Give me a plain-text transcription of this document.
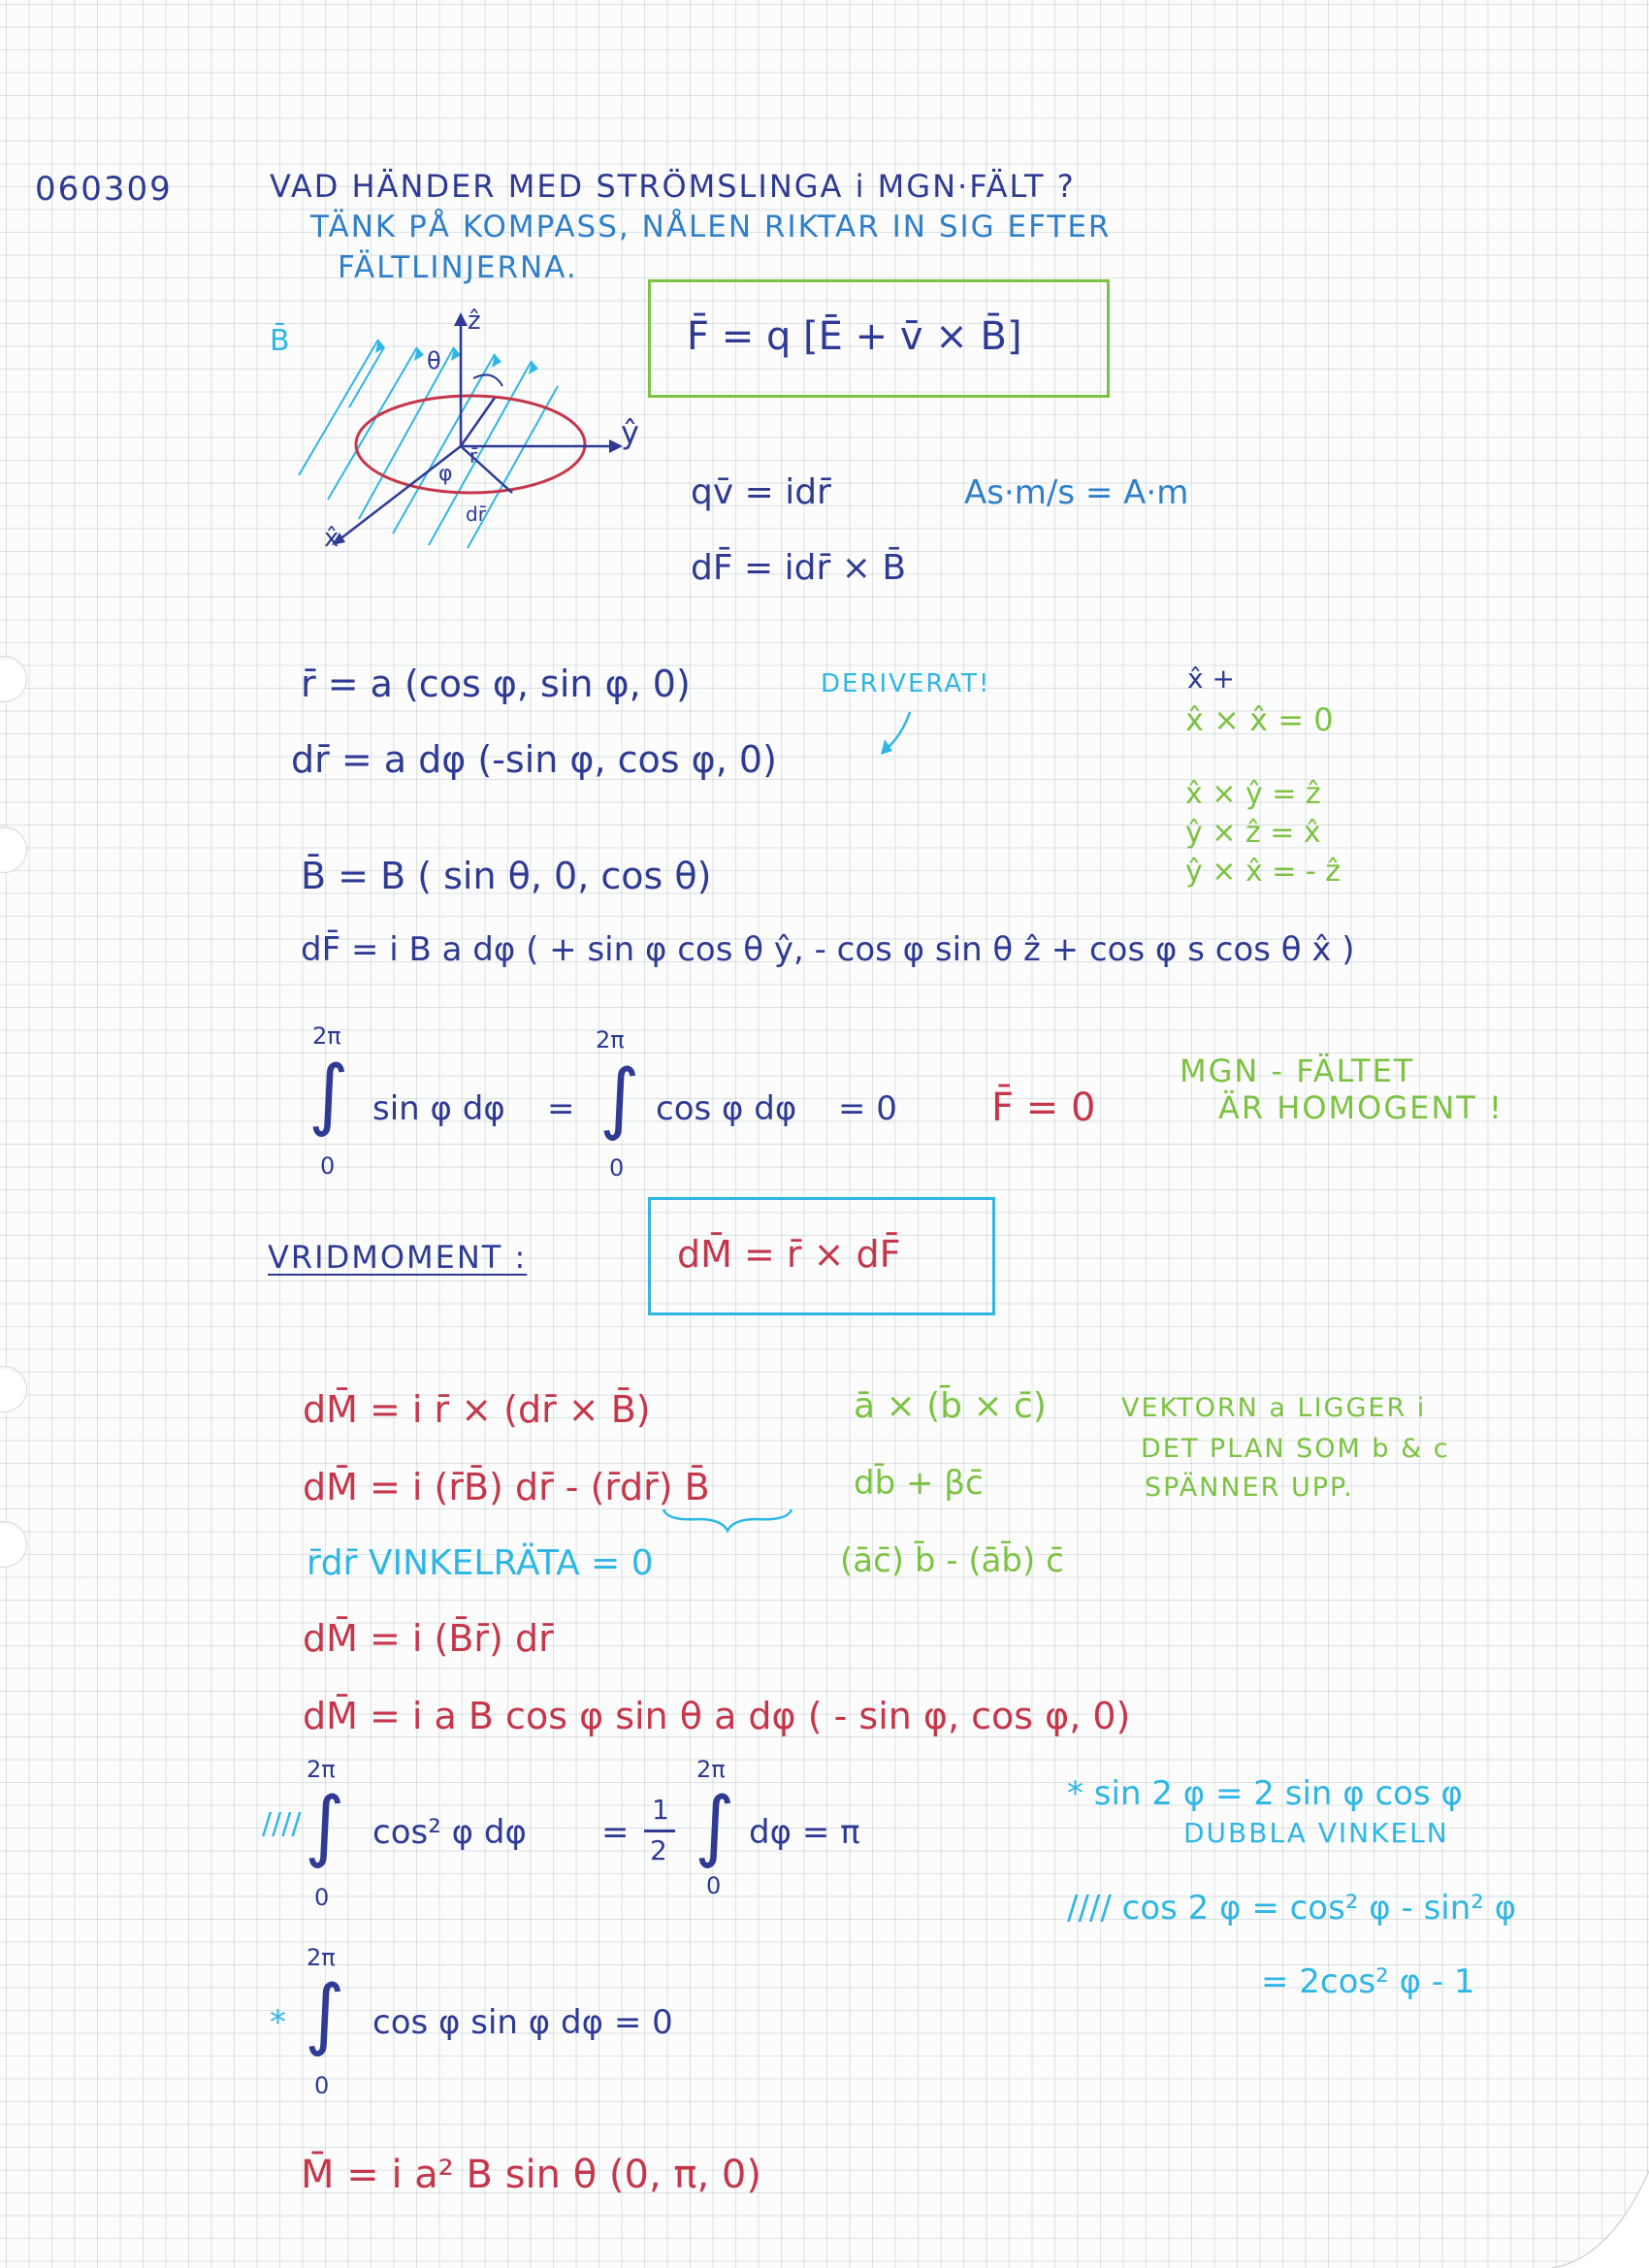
060309	VAD HÄNDER MED STRÖMSLINGA i MGN·FÄLT ?
TÄNK PÅ KOMPASS, NÅLEN RIKTAR IN SIG EFTER
FÄLTLINJERNA.
B̄
ẑ
ŷ
x̂
θ
φ
r̄
dr̄
F̄ = q [Ē + v̄ × B̄]
qv̄ = idr̄	As·m/s = A·m
dF̄ = idr̄ × B̄
r̄ = a (cos φ, sin φ, 0)	DERIVERAT!
dr̄ = a dφ (-sin φ, cos φ, 0)
x̂ +
x̂ × x̂ = 0
x̂ × ŷ = ẑ
ŷ × ẑ = x̂
ŷ × x̂ = - ẑ
B̄ = B ( sin θ, 0, cos θ)
dF̄ = i B a dφ ( + sin φ cos θ ŷ, - cos φ sin θ ẑ + cos φ s cos θ x̂ )
2π
∫
0
sin φ dφ =
2π
∫
0
cos φ dφ = 0 F̄ = 0
MGN - FÄLTET
ÄR HOMOGENT !
VRIDMOMENT :	dM̄ = r̄ × dF̄
dM̄ = i r̄ × (dr̄ × B̄)
dM̄ = i (r̄B̄) dr̄ - (r̄dr̄) B̄
r̄dr̄ VINKELRÄTA = 0
dM̄ = i (B̄r̄) dr̄
dM̄ = i a B cos φ sin θ a dφ ( - sin φ, cos φ, 0)
ā × (b̄ × c̄)
db̄ + βc̄
(āc̄) b̄ - (āb̄) c̄
VEKTORN a LIGGER i
DET PLAN SOM b & c
SPÄNNER UPP.
////
2π
∫
0
cos² φ dφ =
1
2
2π
∫
0
dφ = π
* sin 2 φ = 2 sin φ cos φ
DUBBLA VINKELN
//// cos 2 φ = cos² φ - sin² φ
= 2cos² φ - 1
*
2π
∫
0
cos φ sin φ dφ = 0
M̄ = i a² B sin θ (0, π, 0)
